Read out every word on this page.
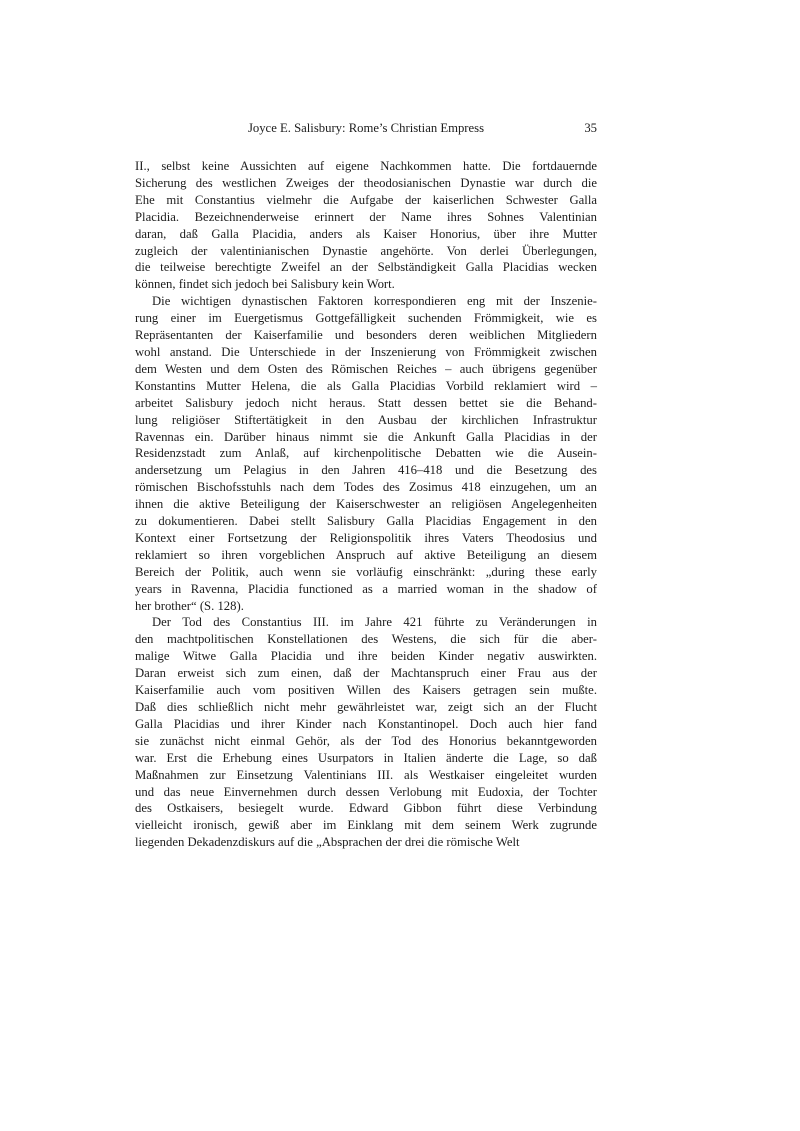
Joyce E. Salisbury: Rome’s Christian Empress	35
II., selbst keine Aussichten auf eigene Nachkommen hatte. Die fortdauernde
Sicherung des westlichen Zweiges der theodosianischen Dynastie war durch die
Ehe mit Constantius vielmehr die Aufgabe der kaiserlichen Schwester Galla
Placidia. Bezeichnenderweise erinnert der Name ihres Sohnes Valentinian
daran, daß Galla Placidia, anders als Kaiser Honorius, über ihre Mutter
zugleich der valentinianischen Dynastie angehörte. Von derlei Überlegungen,
die teilweise berechtigte Zweifel an der Selbständigkeit Galla Placidias wecken
können, findet sich jedoch bei Salisbury kein Wort.
Die wichtigen dynastischen Faktoren korrespondieren eng mit der Inszenie-
rung einer im Euergetismus Gottgefälligkeit suchenden Frömmigkeit, wie es
Repräsentanten der Kaiserfamilie und besonders deren weiblichen Mitgliedern
wohl anstand. Die Unterschiede in der Inszenierung von Frömmigkeit zwischen
dem Westen und dem Osten des Römischen Reiches – auch übrigens gegenüber
Konstantins Mutter Helena, die als Galla Placidias Vorbild reklamiert wird –
arbeitet Salisbury jedoch nicht heraus. Statt dessen bettet sie die Behand-
lung religiöser Stiftertätigkeit in den Ausbau der kirchlichen Infrastruktur
Ravennas ein. Darüber hinaus nimmt sie die Ankunft Galla Placidias in der
Residenzstadt zum Anlaß, auf kirchenpolitische Debatten wie die Ausein-
andersetzung um Pelagius in den Jahren 416–418 und die Besetzung des
römischen Bischofsstuhls nach dem Todes des Zosimus 418 einzugehen, um an
ihnen die aktive Beteiligung der Kaiserschwester an religiösen Angelegenheiten
zu dokumentieren. Dabei stellt Salisbury Galla Placidias Engagement in den
Kontext einer Fortsetzung der Religionspolitik ihres Vaters Theodosius und
reklamiert so ihren vorgeblichen Anspruch auf aktive Beteiligung an diesem
Bereich der Politik, auch wenn sie vorläufig einschränkt: „during these early
years in Ravenna, Placidia functioned as a married woman in the shadow of
her brother“ (S. 128).
Der Tod des Constantius III. im Jahre 421 führte zu Veränderungen in
den machtpolitischen Konstellationen des Westens, die sich für die aber-
malige Witwe Galla Placidia und ihre beiden Kinder negativ auswirkten.
Daran erweist sich zum einen, daß der Machtanspruch einer Frau aus der
Kaiserfamilie auch vom positiven Willen des Kaisers getragen sein mußte.
Daß dies schließlich nicht mehr gewährleistet war, zeigt sich an der Flucht
Galla Placidias und ihrer Kinder nach Konstantinopel. Doch auch hier fand
sie zunächst nicht einmal Gehör, als der Tod des Honorius bekanntgeworden
war. Erst die Erhebung eines Usurpators in Italien änderte die Lage, so daß
Maßnahmen zur Einsetzung Valentinians III. als Westkaiser eingeleitet wurden
und das neue Einvernehmen durch dessen Verlobung mit Eudoxia, der Tochter
des Ostkaisers, besiegelt wurde. Edward Gibbon führt diese Verbindung
vielleicht ironisch, gewiß aber im Einklang mit dem seinem Werk zugrunde
liegenden Dekadenzdiskurs auf die „Absprachen der drei die römische Welt
